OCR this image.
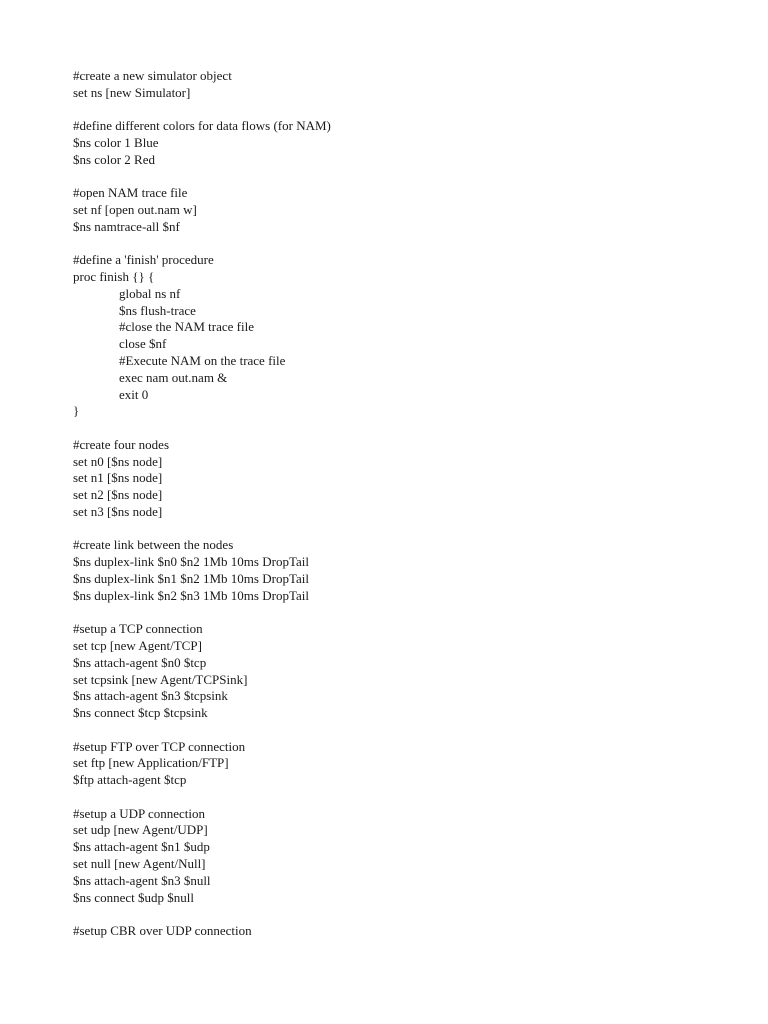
#create a new simulator object
set ns [new Simulator]
#define different colors for data flows (for NAM)
$ns color 1 Blue
$ns color 2 Red
#open NAM trace file
set nf [open out.nam w]
$ns namtrace-all $nf
#define a 'finish' procedure
proc finish {} {
global ns nf
$ns flush-trace
#close the NAM trace file
close $nf
#Execute NAM on the trace file
exec nam out.nam &
exit 0
}
#create four nodes
set n0 [$ns node]
set n1 [$ns node]
set n2 [$ns node]
set n3 [$ns node]
#create link between the nodes
$ns duplex-link $n0 $n2 1Mb 10ms DropTail
$ns duplex-link $n1 $n2 1Mb 10ms DropTail
$ns duplex-link $n2 $n3 1Mb 10ms DropTail
#setup a TCP connection
set tcp [new Agent/TCP]
$ns attach-agent $n0 $tcp
set tcpsink [new Agent/TCPSink]
$ns attach-agent $n3 $tcpsink
$ns connect $tcp $tcpsink
#setup FTP over TCP connection
set ftp [new Application/FTP]
$ftp attach-agent $tcp
#setup a UDP connection
set udp [new Agent/UDP]
$ns attach-agent $n1 $udp
set null [new Agent/Null]
$ns attach-agent $n3 $null
$ns connect $udp $null
#setup CBR over UDP connection
